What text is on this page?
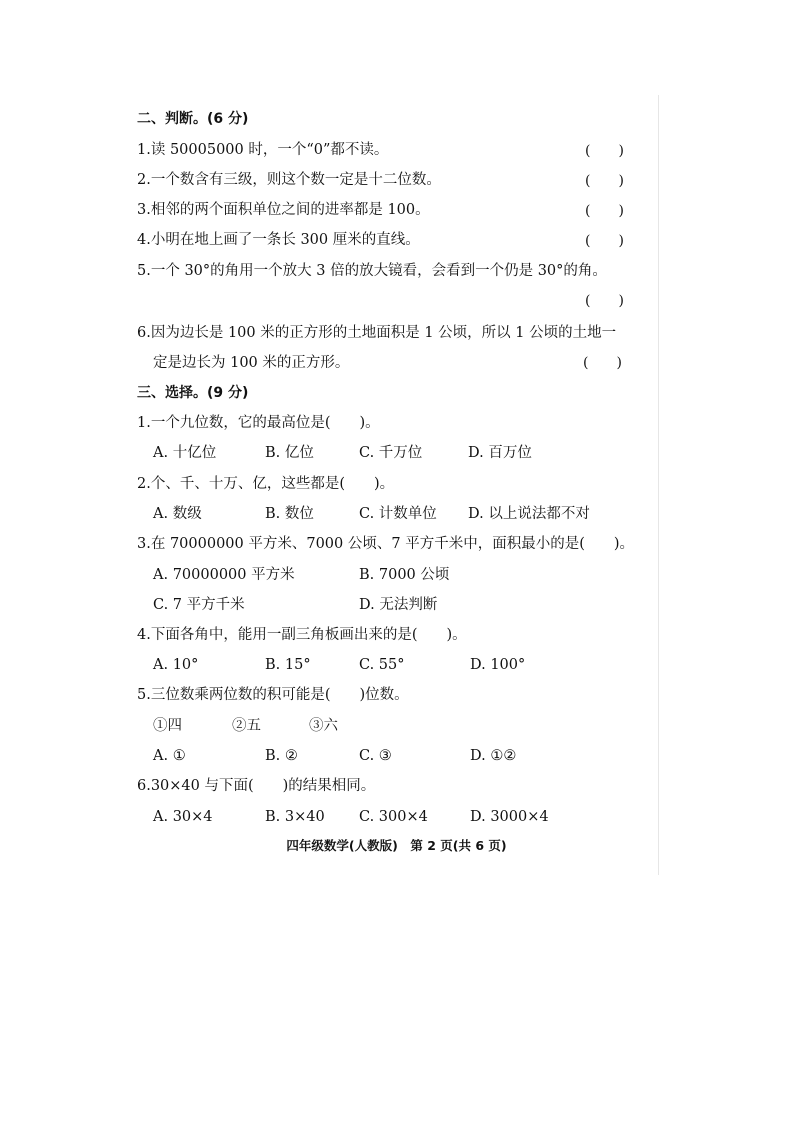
二、判断。(6 分)
1.读 50005000 时，一个“0”都不读。	(　　)
2.一个数含有三级，则这个数一定是十二位数。	(　　)
3.相邻的两个面积单位之间的进率都是 100。	(　　)
4.小明在地上画了一条长 300 厘米的直线。	(　　)
5.一个 30°的角用一个放大 3 倍的放大镜看，会看到一个仍是 30°的角。
(　　)
6.因为边长是 100 米的正方形的土地面积是 1 公顷，所以 1 公顷的土地一
定是边长为 100 米的正方形。	(　　)
三、选择。(9 分)
1.一个九位数，它的最高位是(　　)。
A. 十亿位	B. 亿位	C. 千万位	D. 百万位
2.个、千、十万、亿，这些都是(　　)。
A. 数级	B. 数位	C. 计数单位 D. 以上说法都不对
3.在 70000000 平方米、7000 公顷、7 平方千米中，面积最小的是(　　)。
A. 70000000 平方米	B. 7000 公顷
C. 7 平方千米	D. 无法判断
4.下面各角中，能用一副三角板画出来的是(　　)。
A. 10°	B. 15°	C. 55°	D. 100°
5.三位数乘两位数的积可能是(　　)位数。
①四	②五	③六
A. ①	B. ②	C. ③	D. ①②
6.30×40 与下面(　　)的结果相同。
A. 30×4	B. 3×40 C. 300×4	D. 3000×4
四年级数学(人教版)　第 2 页(共 6 页)
